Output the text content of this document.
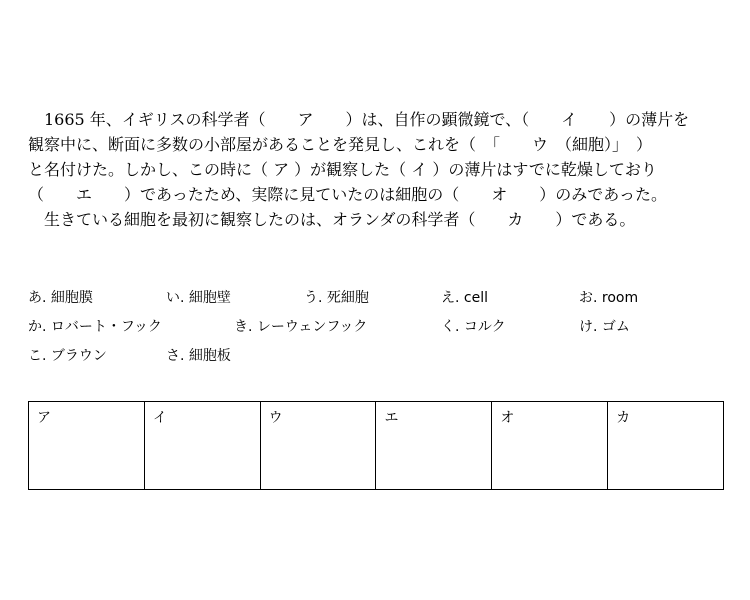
　1665 年、イギリスの科学者（　　ア　　）は、自作の顕微鏡で、（　　イ　　）の薄片を
観察中に、断面に多数の小部屋があることを発見し、これを（　「　　ウ　（細胞）」　）
と名付けた。しかし、この時に（ ア ）が観察した（ イ ）の薄片はすでに乾燥しており
（　　エ　　）であったため、実際に見ていたのは細胞の（　　オ　　）のみであった。
　生きている細胞を最初に観察したのは、オランダの科学者（　　カ　　）である。
あ. 細胞膜	い. 細胞壁	う. 死細胞	え. cell	お. room
か. ロバート・フック	き. レーウェンフック	く. コルク	け. ゴム
こ. ブラウン	さ. 細胞板
ア	イ	ウ	エ	オ	カ
